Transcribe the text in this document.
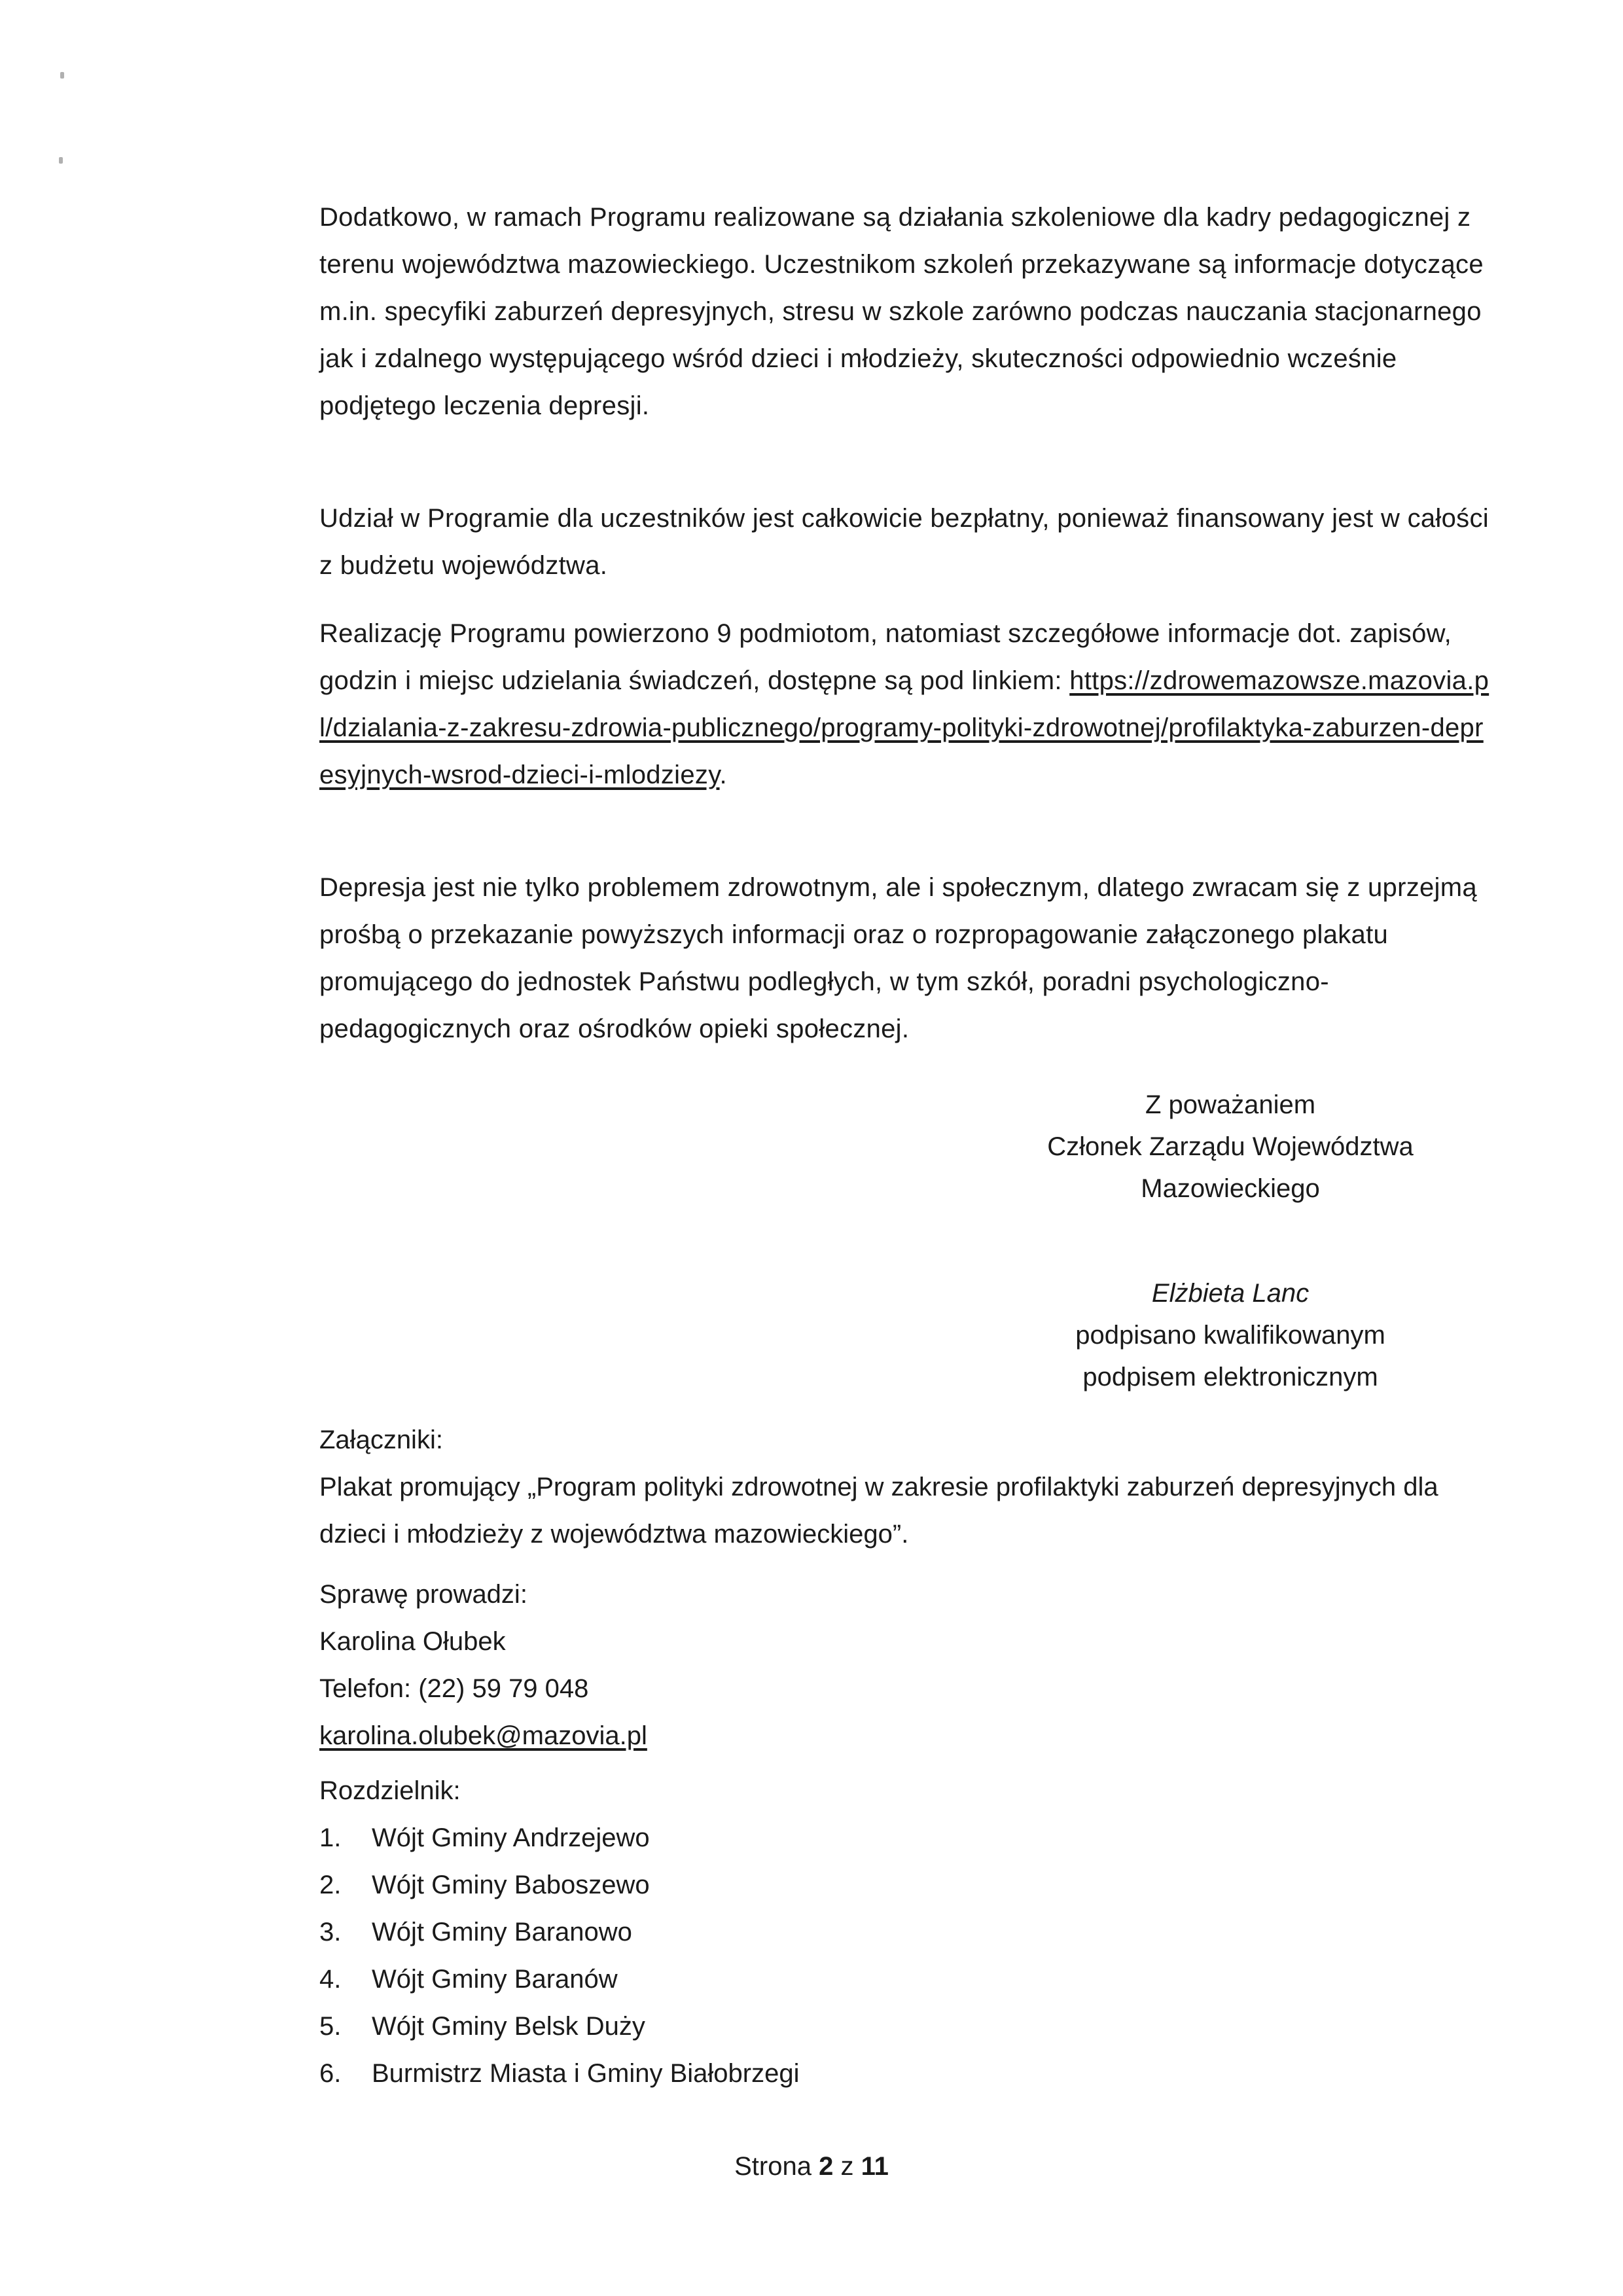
Dodatkowo, w ramach Programu realizowane są działania szkoleniowe dla kadry pedagogicznej z terenu województwa mazowieckiego. Uczestnikom szkoleń przekazywane są informacje dotyczące m.in. specyfiki zaburzeń depresyjnych, stresu w szkole zarówno podczas nauczania stacjonarnego jak i zdalnego występującego wśród dzieci i młodzieży, skuteczności odpowiednio wcześnie podjętego leczenia depresji.

Udział w Programie dla uczestników jest całkowicie bezpłatny, ponieważ finansowany jest w całości z budżetu województwa.

Realizację Programu powierzono 9 podmiotom, natomiast szczegółowe informacje dot. zapisów, godzin i miejsc udzielania świadczeń, dostępne są pod linkiem: https://zdrowemazowsze.mazovia.pl/dzialania-z-zakresu-zdrowia-publicznego/programy-polityki-zdrowotnej/profilaktyka-zaburzen-depresyjnych-wsrod-dzieci-i-mlodziezy.

Depresja jest nie tylko problemem zdrowotnym, ale i społecznym, dlatego zwracam się z uprzejmą prośbą o przekazanie powyższych informacji oraz o rozpropagowanie załączonego plakatu promującego do jednostek Państwu podległych, w tym szkół, poradni psychologiczno-pedagogicznych oraz ośrodków opieki społecznej.

Z poważaniem
Członek Zarządu Województwa
Mazowieckiego
Elżbieta Lanc
podpisano kwalifikowanym
podpisem elektronicznym
Załączniki:
Plakat promujący „Program polityki zdrowotnej w zakresie profilaktyki zaburzeń depresyjnych dla dzieci i młodzieży z województwa mazowieckiego”.
Sprawę prowadzi:
Karolina Ołubek
Telefon: (22) 59 79 048
karolina.olubek@mazovia.pl
Rozdzielnik:
1.	Wójt Gminy Andrzejewo
2.	Wójt Gminy Baboszewo
3.	Wójt Gminy Baranowo
4.	Wójt Gminy Baranów
5.	Wójt Gminy Belsk Duży
6.	Burmistrz Miasta i Gminy Białobrzegi
Strona 2 z 11
